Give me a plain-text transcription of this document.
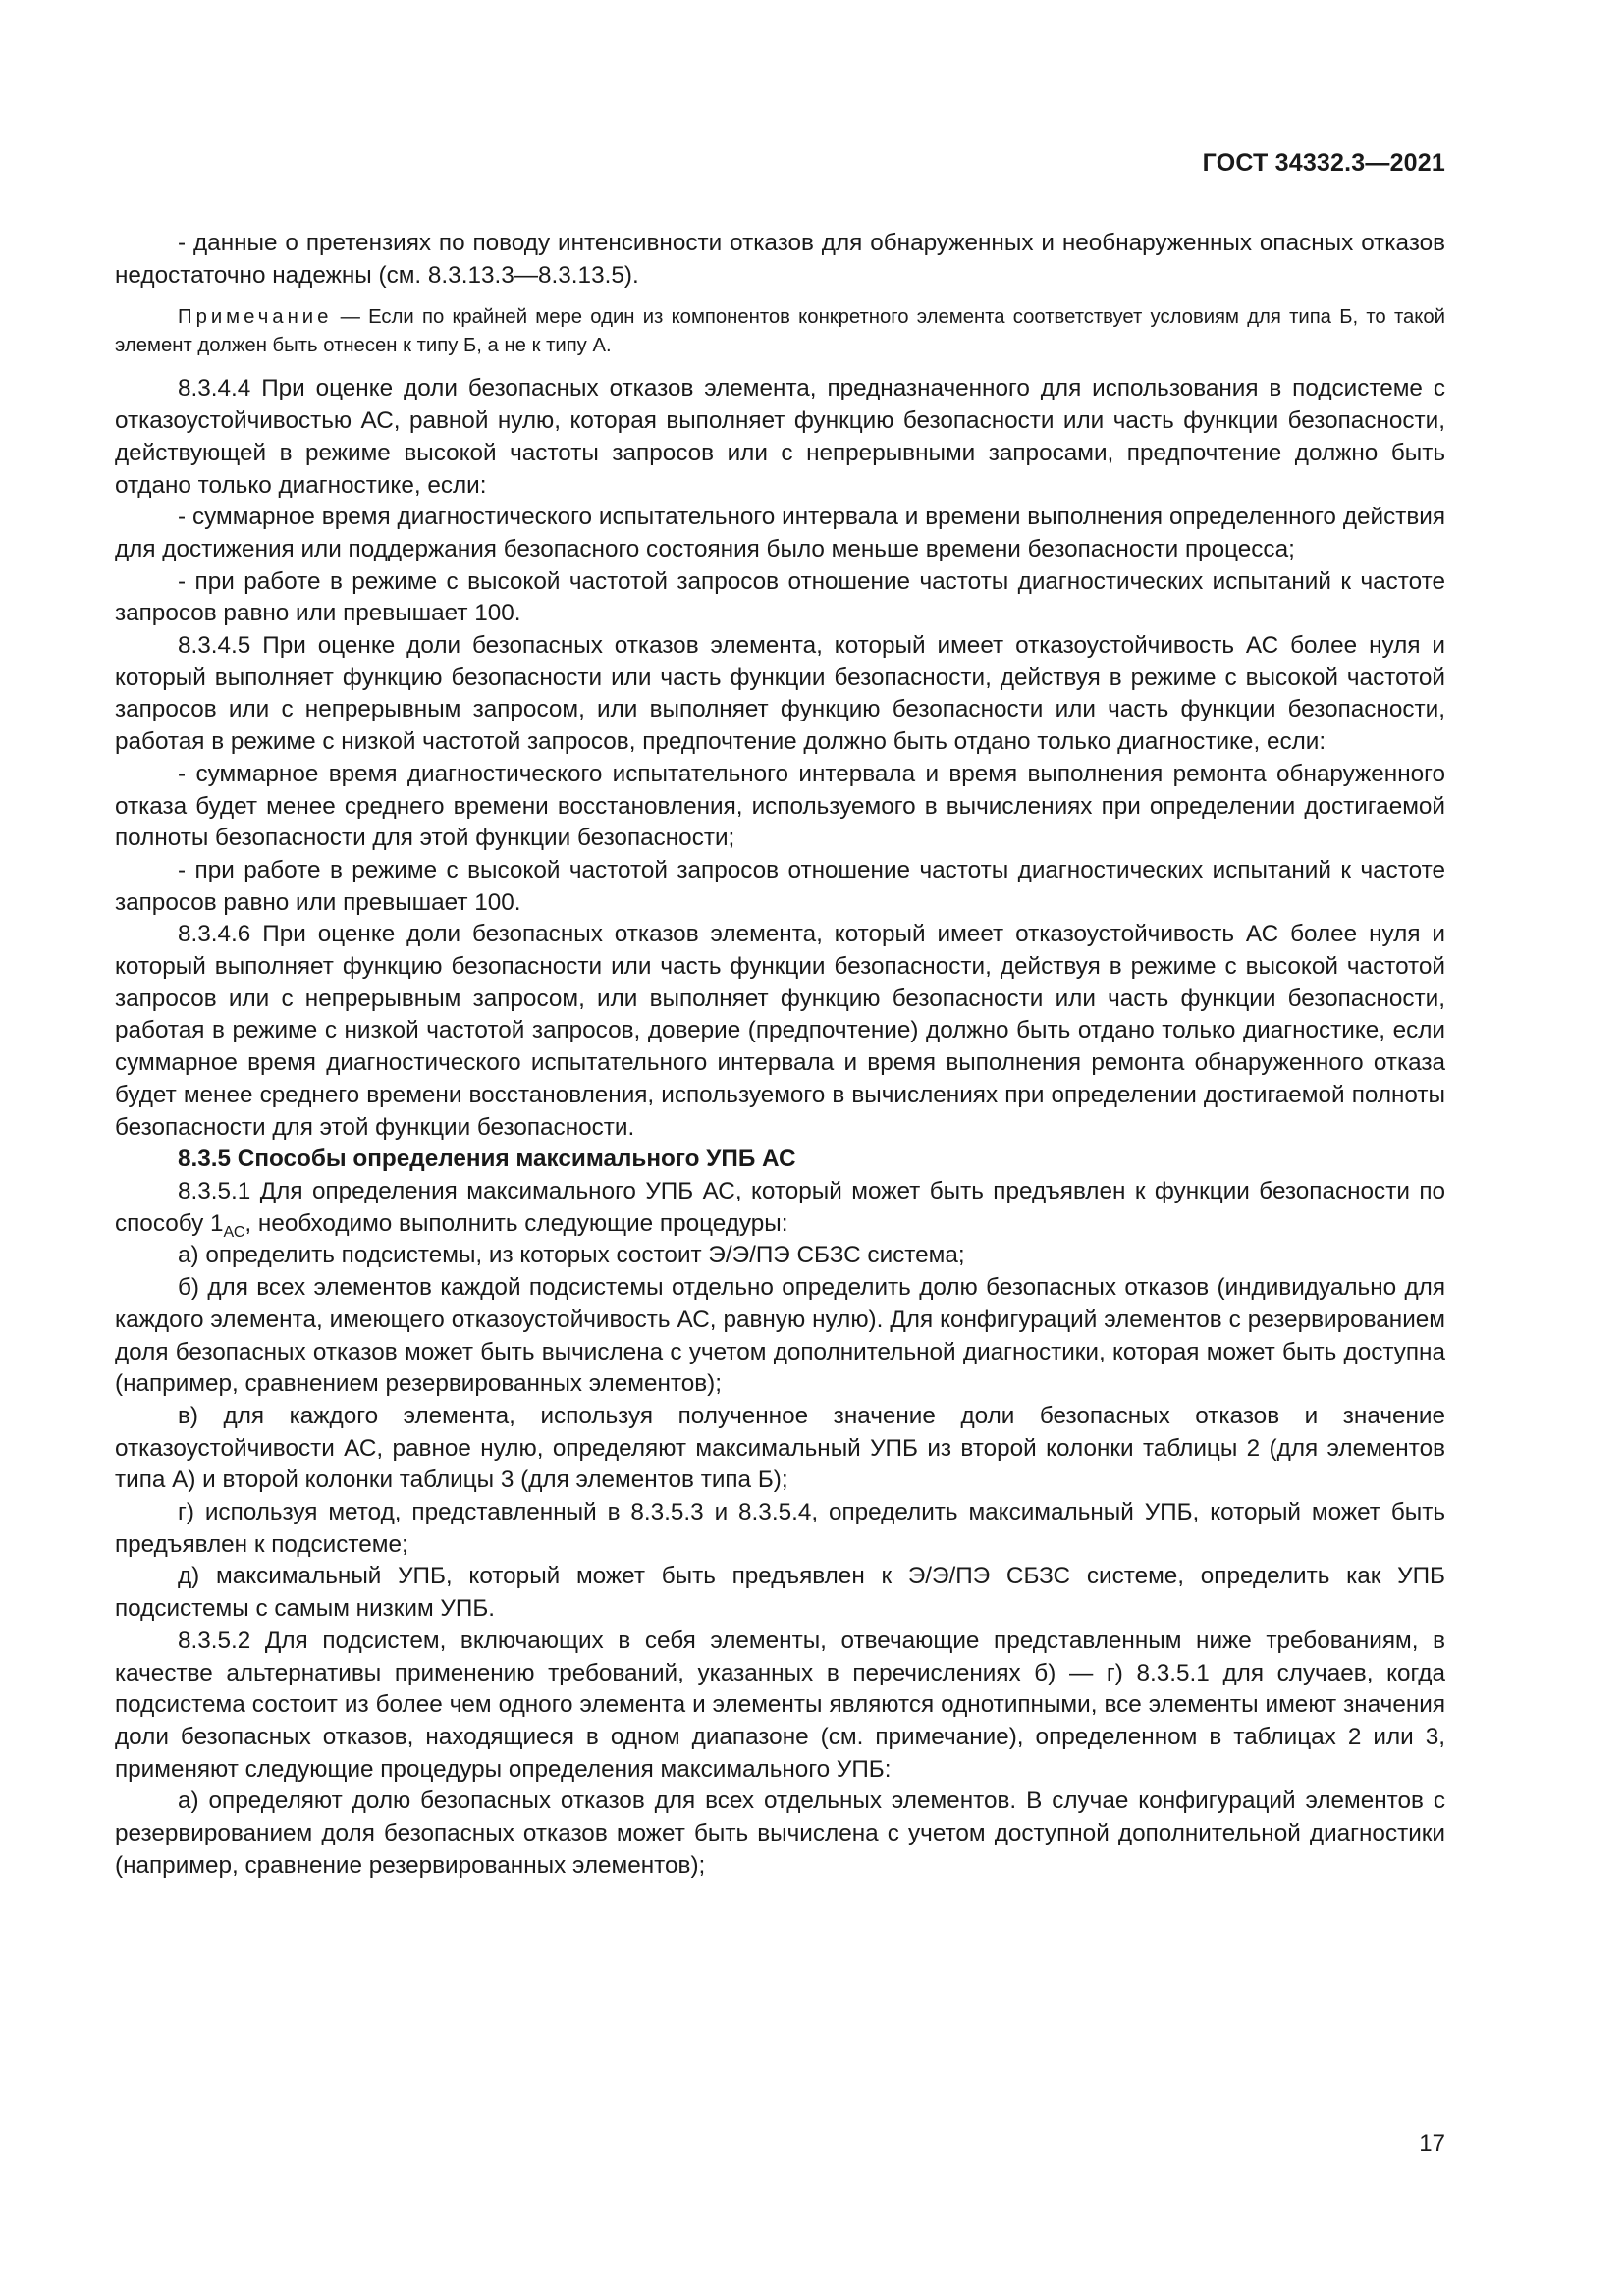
ГОСТ 34332.3—2021

- данные о претензиях по поводу интенсивности отказов для обнаруженных и необнаруженных опасных отказов недостаточно надежны (см. 8.3.13.3—8.3.13.5).

Примечание — Если по крайней мере один из компонентов конкретного элемента соответствует условиям для типа Б, то такой элемент должен быть отнесен к типу Б, а не к типу А.

8.3.4.4 При оценке доли безопасных отказов элемента, предназначенного для использования в подсистеме с отказоустойчивостью АС, равной нулю, которая выполняет функцию безопасности или часть функции безопасности, действующей в режиме высокой частоты запросов или с непрерывными запросами, предпочтение должно быть отдано только диагностике, если:

- суммарное время диагностического испытательного интервала и времени выполнения определенного действия для достижения или поддержания безопасного состояния было меньше времени безопасности процесса;

- при работе в режиме с высокой частотой запросов отношение частоты диагностических испытаний к частоте запросов равно или превышает 100.

8.3.4.5 При оценке доли безопасных отказов элемента, который имеет отказоустойчивость АС более нуля и который выполняет функцию безопасности или часть функции безопасности, действуя в режиме с высокой частотой запросов или с непрерывным запросом, или выполняет функцию безопасности или часть функции безопасности, работая в режиме с низкой частотой запросов, предпочтение должно быть отдано только диагностике, если:

- суммарное время диагностического испытательного интервала и время выполнения ремонта обнаруженного отказа будет менее среднего времени восстановления, используемого в вычислениях при определении достигаемой полноты безопасности для этой функции безопасности;

- при работе в режиме с высокой частотой запросов отношение частоты диагностических испытаний к частоте запросов равно или превышает 100.

8.3.4.6 При оценке доли безопасных отказов элемента, который имеет отказоустойчивость АС более нуля и который выполняет функцию безопасности или часть функции безопасности, действуя в режиме с высокой частотой запросов или с непрерывным запросом, или выполняет функцию безопасности или часть функции безопасности, работая в режиме с низкой частотой запросов, доверие (предпочтение) должно быть отдано только диагностике, если суммарное время диагностического испытательного интервала и время выполнения ремонта обнаруженного отказа будет менее среднего времени восстановления, используемого в вычислениях при определении достигаемой полноты безопасности для этой функции безопасности.

8.3.5 Способы определения максимального УПБ АС

8.3.5.1 Для определения максимального УПБ АС, который может быть предъявлен к функции безопасности по способу $1_{АС}$, необходимо выполнить следующие процедуры:

а) определить подсистемы, из которых состоит Э/Э/ПЭ СБЗС система;

б) для всех элементов каждой подсистемы отдельно определить долю безопасных отказов (индивидуально для каждого элемента, имеющего отказоустойчивость АС, равную нулю). Для конфигураций элементов с резервированием доля безопасных отказов может быть вычислена с учетом дополнительной диагностики, которая может быть доступна (например, сравнением резервированных элементов);

в) для каждого элемента, используя полученное значение доли безопасных отказов и значение отказоустойчивости АС, равное нулю, определяют максимальный УПБ из второй колонки таблицы 2 (для элементов типа А) и второй колонки таблицы 3 (для элементов типа Б);

г) используя метод, представленный в 8.3.5.3 и 8.3.5.4, определить максимальный УПБ, который может быть предъявлен к подсистеме;

д) максимальный УПБ, который может быть предъявлен к Э/Э/ПЭ СБЗС системе, определить как УПБ подсистемы с самым низким УПБ.

8.3.5.2 Для подсистем, включающих в себя элементы, отвечающие представленным ниже требованиям, в качестве альтернативы применению требований, указанных в перечислениях б) — г) 8.3.5.1 для случаев, когда подсистема состоит из более чем одного элемента и элементы являются однотипными, все элементы имеют значения доли безопасных отказов, находящиеся в одном диапазоне (см. примечание), определенном в таблицах 2 или 3, применяют следующие процедуры определения максимального УПБ:

а) определяют долю безопасных отказов для всех отдельных элементов. В случае конфигураций элементов с резервированием доля безопасных отказов может быть вычислена с учетом доступной дополнительной диагностики (например, сравнение резервированных элементов);

17
